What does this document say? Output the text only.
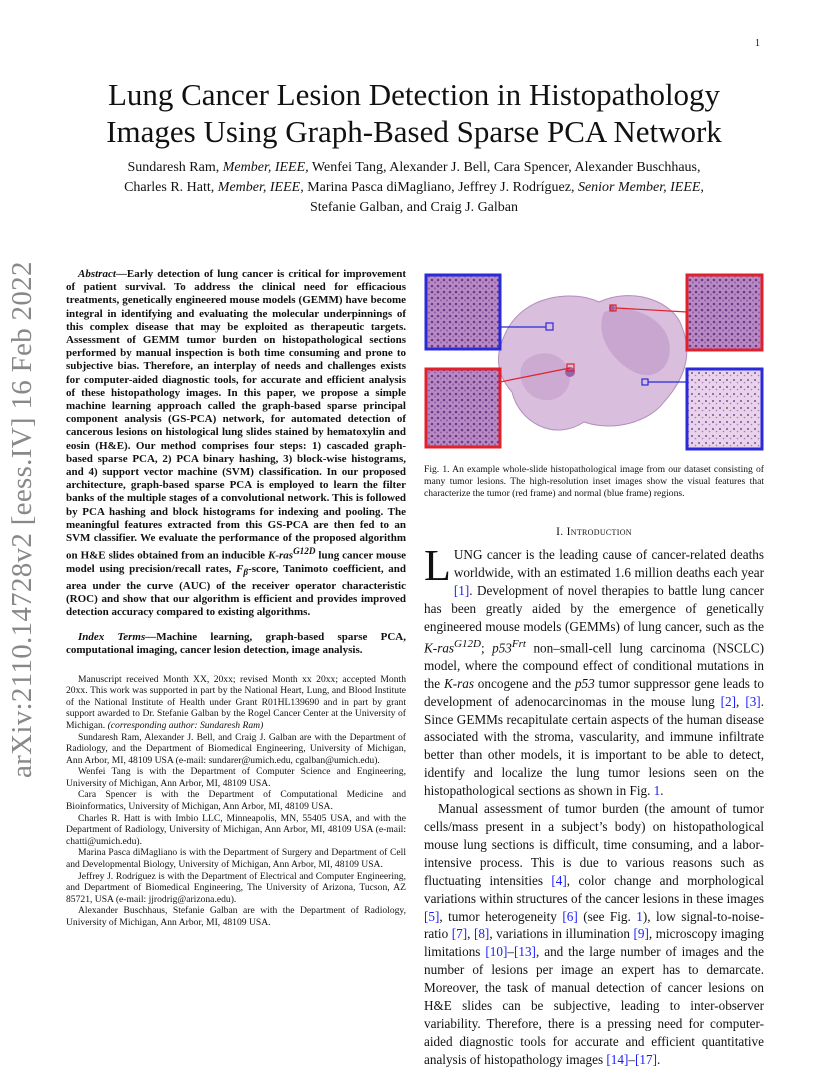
1
arXiv:2110.14728v2 [eess.IV] 16 Feb 2022
Lung Cancer Lesion Detection in Histopathology Images Using Graph-Based Sparse PCA Network
Sundaresh Ram, Member, IEEE, Wenfei Tang, Alexander J. Bell, Cara Spencer, Alexander Buschhaus,
Charles R. Hatt, Member, IEEE, Marina Pasca diMagliano, Jeffrey J. Rodríguez, Senior Member, IEEE,
Stefanie Galban, and Craig J. Galban

Abstract—Early detection of lung cancer is critical for improvement of patient survival. To address the clinical need for efficacious treatments, genetically engineered mouse models (GEMM) have become integral in identifying and evaluating the molecular underpinnings of this complex disease that may be exploited as therapeutic targets. Assessment of GEMM tumor burden on histopathological sections performed by manual inspection is both time consuming and prone to subjective bias. Therefore, an interplay of needs and challenges exists for computer-aided diagnostic tools, for accurate and efficient analysis of these histopathology images. In this paper, we propose a simple machine learning approach called the graph-based sparse principal component analysis (GS-PCA) network, for automated detection of cancerous lesions on histological lung slides stained by hematoxylin and eosin (H&E). Our method comprises four steps: 1) cascaded graph-based sparse PCA, 2) PCA binary hashing, 3) block-wise histograms, and 4) support vector machine (SVM) classification. In our proposed architecture, graph-based sparse PCA is employed to learn the filter banks of the multiple stages of a convolutional network. This is followed by PCA hashing and block histograms for indexing and pooling. The meaningful features extracted from this GS-PCA are then fed to an SVM classifier. We evaluate the performance of the proposed algorithm on H&E slides obtained from an inducible K-ras$^{G12D}$ lung cancer mouse model using precision/recall rates, $F_\beta$-score, Tanimoto coefficient, and area under the curve (AUC) of the receiver operator characteristic (ROC) and show that our algorithm is efficient and provides improved detection accuracy compared to existing algorithms.

Index Terms—Machine learning, graph-based sparse PCA, computational imaging, cancer lesion detection, image analysis.

Manuscript received Month XX, 20xx; revised Month xx 20xx; accepted Month 20xx. This work was supported in part by the National Heart, Lung, and Blood Institute of the National Institute of Health under Grant R01HL139690 and in part by grant support awarded to Dr. Stefanie Galban by the Rogel Cancer Center at the University of Michigan. (corresponding author: Sundaresh Ram)

Sundaresh Ram, Alexander J. Bell, and Craig J. Galban are with the Department of Radiology, and the Department of Biomedical Engineering, University of Michigan, Ann Arbor, MI, 48109 USA (e-mail: sundarer@umich.edu, cgalban@umich.edu).

Wenfei Tang is with the Department of Computer Science and Engineering, University of Michigan, Ann Arbor, MI, 48109 USA.

Cara Spencer is with the Department of Computational Medicine and Bioinformatics, University of Michigan, Ann Arbor, MI, 48109 USA.

Charles R. Hatt is with Imbio LLC, Minneapolis, MN, 55405 USA, and with the Department of Radiology, University of Michigan, Ann Arbor, MI, 48109 USA (e-mail: chatti@umich.edu).

Marina Pasca diMagliano is with the Department of Surgery and Department of Cell and Developmental Biology, University of Michigan, Ann Arbor, MI, 48109 USA.

Jeffrey J. Rodríguez is with the Department of Electrical and Computer Engineering, and Department of Biomedical Engineering, The University of Arizona, Tucson, AZ 85721, USA (e-mail: jjrodrig@arizona.edu).

Alexander Buschhaus, Stefanie Galban are with the Department of Radiology, University of Michigan, Ann Arbor, MI, 48109 USA.

Fig. 1. An example whole-slide histopathological image from our dataset consisting of many tumor lesions. The high-resolution inset images show the visual features that characterize the tumor (red frame) and normal (blue frame) regions.
I. Introduction

LUNG cancer is the leading cause of cancer-related deaths worldwide, with an estimated 1.6 million deaths each year [1]. Development of novel therapies to battle lung cancer has been greatly aided by the emergence of genetically engineered mouse models (GEMMs) of lung cancer, such as the K-ras$^{G12D}$; $p53^{Frt}$ non–small-cell lung carcinoma (NSCLC) model, where the compound effect of conditional mutations in the K-ras oncogene and the p53 tumor suppressor gene leads to development of adenocarcinomas in the mouse lung [2], [3]. Since GEMMs recapitulate certain aspects of the human disease associated with the stroma, vascularity, and immune infiltrate better than other models, it is important to be able to detect, identify and localize the lung tumor lesions seen on the histopathological sections as shown in Fig. 1.

Manual assessment of tumor burden (the amount of tumor cells/mass present in a subject’s body) on histopathological mouse lung sections is difficult, time consuming, and a labor-intensive process. This is due to various reasons such as fluctuating intensities [4], color change and morphological variations within structures of the cancer lesions in these images [5], tumor heterogeneity [6] (see Fig. 1), low signal-to-noise-ratio [7], [8], variations in illumination [9], microscopy imaging limitations [10]–[13], and the large number of images and the number of lesions per image an expert has to demarcate. Moreover, the task of manual detection of cancer lesions on H&E slides can be subjective, leading to inter-observer variability. Therefore, there is a pressing need for computer-aided diagnostic tools for accurate and efficient quantitative analysis of histopathology images [14]–[17].
